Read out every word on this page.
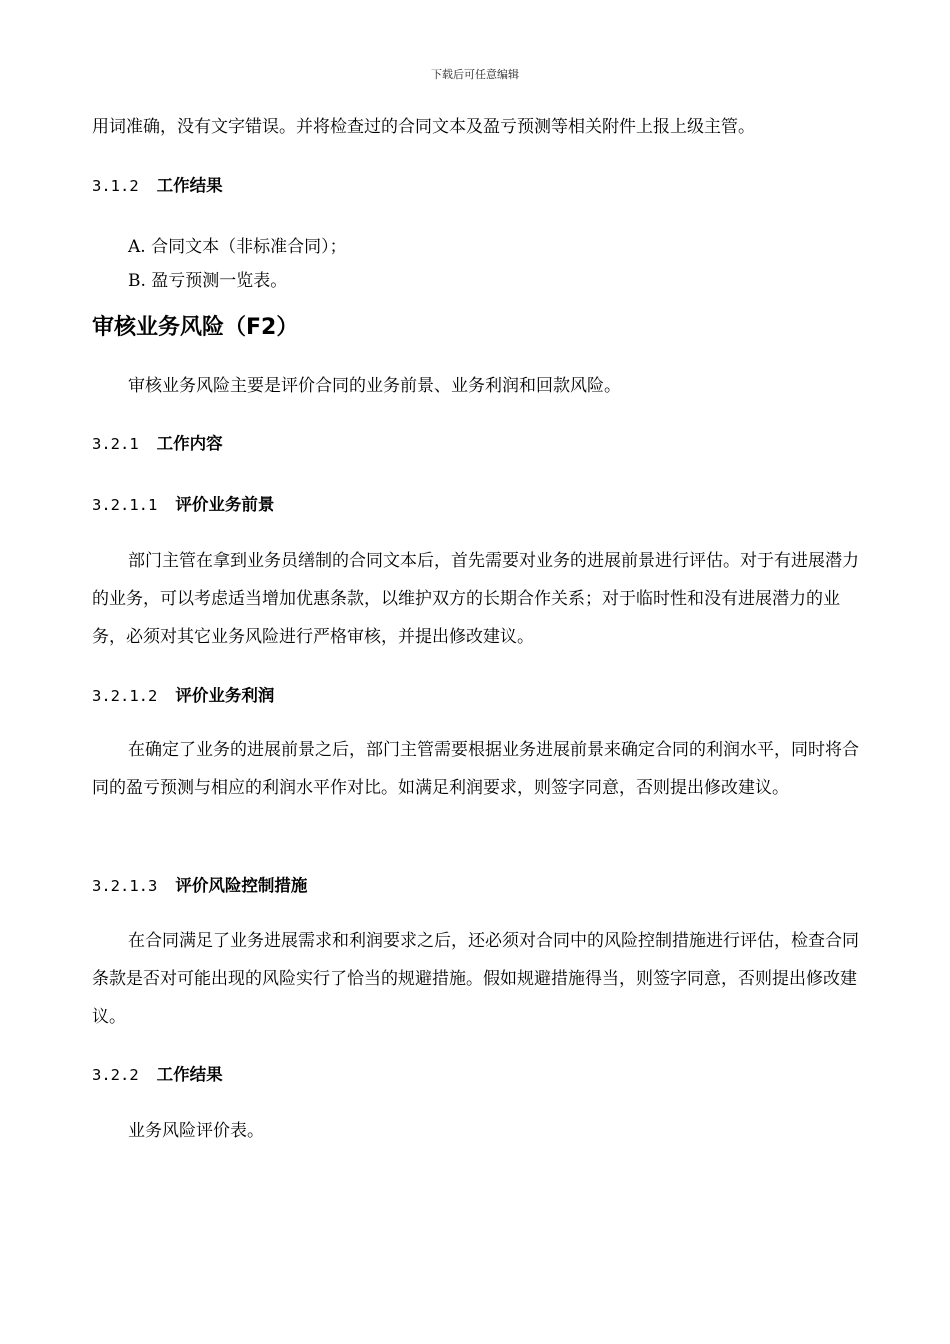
下载后可任意编辑
用词准确，没有文字错误。并将检查过的合同文本及盈亏预测等相关附件上报上级主管。
3.1.2 工作结果
A. 合同文本（非标准合同）；
B. 盈亏预测一览表。
审核业务风险（F2）
审核业务风险主要是评价合同的业务前景、业务利润和回款风险。
3.2.1 工作内容
3.2.1.1 评价业务前景
部门主管在拿到业务员缮制的合同文本后，首先需要对业务的进展前景进行评估。对于有进展潜力的业务，可以考虑适当增加优惠条款，以维护双方的长期合作关系；对于临时性和没有进展潜力的业务，必须对其它业务风险进行严格审核，并提出修改建议。
3.2.1.2 评价业务利润
在确定了业务的进展前景之后，部门主管需要根据业务进展前景来确定合同的利润水平，同时将合同的盈亏预测与相应的利润水平作对比。如满足利润要求，则签字同意，否则提出修改建议。
3.2.1.3 评价风险控制措施
在合同满足了业务进展需求和利润要求之后，还必须对合同中的风险控制措施进行评估，检查合同条款是否对可能出现的风险实行了恰当的规避措施。假如规避措施得当，则签字同意，否则提出修改建议。
3.2.2 工作结果
业务风险评价表。
